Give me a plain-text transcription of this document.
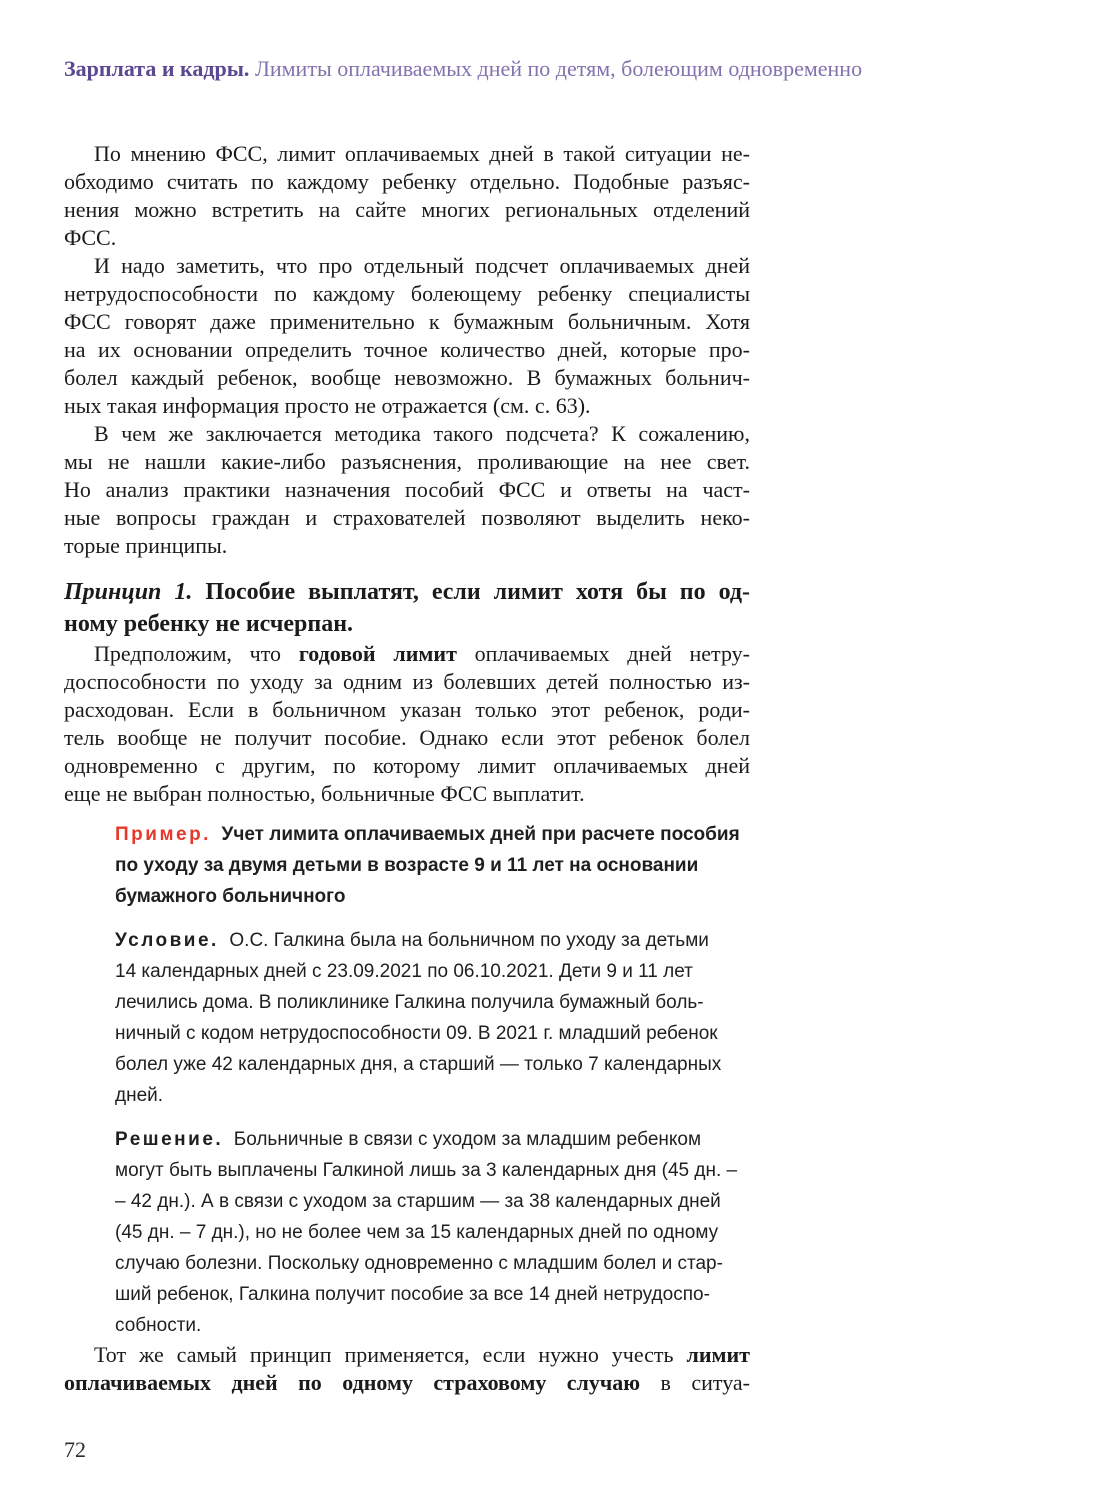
Зарплата и кадры. Лимиты оплачиваемых дней по детям, болеющим одновременно
По мнению ФСС, лимит оплачиваемых дней в такой ситуации не-
обходимо считать по каждому ребенку отдельно. Подобные разъяс-
нения можно встретить на сайте многих региональных отделений
ФСС.
И надо заметить, что про отдельный подсчет оплачиваемых дней
нетрудоспособности по каждому болеющему ребенку специалисты
ФСС говорят даже применительно к бумажным больничным. Хотя
на их основании определить точное количество дней, которые про-
болел каждый ребенок, вообще невозможно. В бумажных больнич-
ных такая информация просто не отражается (см. с. 63).
В чем же заключается методика такого подсчета? К сожалению,
мы не нашли какие-либо разъяснения, проливающие на нее свет.
Но анализ практики назначения пособий ФСС и ответы на част-
ные вопросы граждан и страхователей позволяют выделить неко-
торые принципы.
Принцип 1. Пособие выплатят, если лимит хотя бы по од-
ному ребенку не исчерпан.
Предположим, что годовой лимит оплачиваемых дней нетру-
доспособности по уходу за одним из болевших детей полностью из-
расходован. Если в больничном указан только этот ребенок, роди-
тель вообще не получит пособие. Однако если этот ребенок болел
одновременно с другим, по которому лимит оплачиваемых дней
еще не выбран полностью, больничные ФСС выплатит.
Пример. Учет лимита оплачиваемых дней при расчете пособия
по уходу за двумя детьми в возрасте 9 и 11 лет на основании
бумажного больничного
Условие.  О.С. Галкина была на больничном по уходу за детьми
14 календарных дней с 23.09.2021 по 06.10.2021. Дети 9 и 11 лет
лечились дома. В поликлинике Галкина получила бумажный боль-
ничный с кодом нетрудоспособности 09. В 2021 г. младший ребенок
болел уже 42 календарных дня, а старший — только 7 календарных
дней.
Решение.  Больничные в связи с уходом за младшим ребенком
могут быть выплачены Галкиной лишь за 3 календарных дня (45 дн. –
– 42 дн.). А в связи с уходом за старшим — за 38 календарных дней
(45 дн. – 7 дн.), но не более чем за 15 календарных дней по одному
случаю болезни. Поскольку одновременно с младшим болел и стар-
ший ребенок, Галкина получит пособие за все 14 дней нетрудоспо-
собности.
Тот же самый принцип применяется, если нужно учесть лимит
оплачиваемых дней по одному страховому случаю в ситуа-
72
